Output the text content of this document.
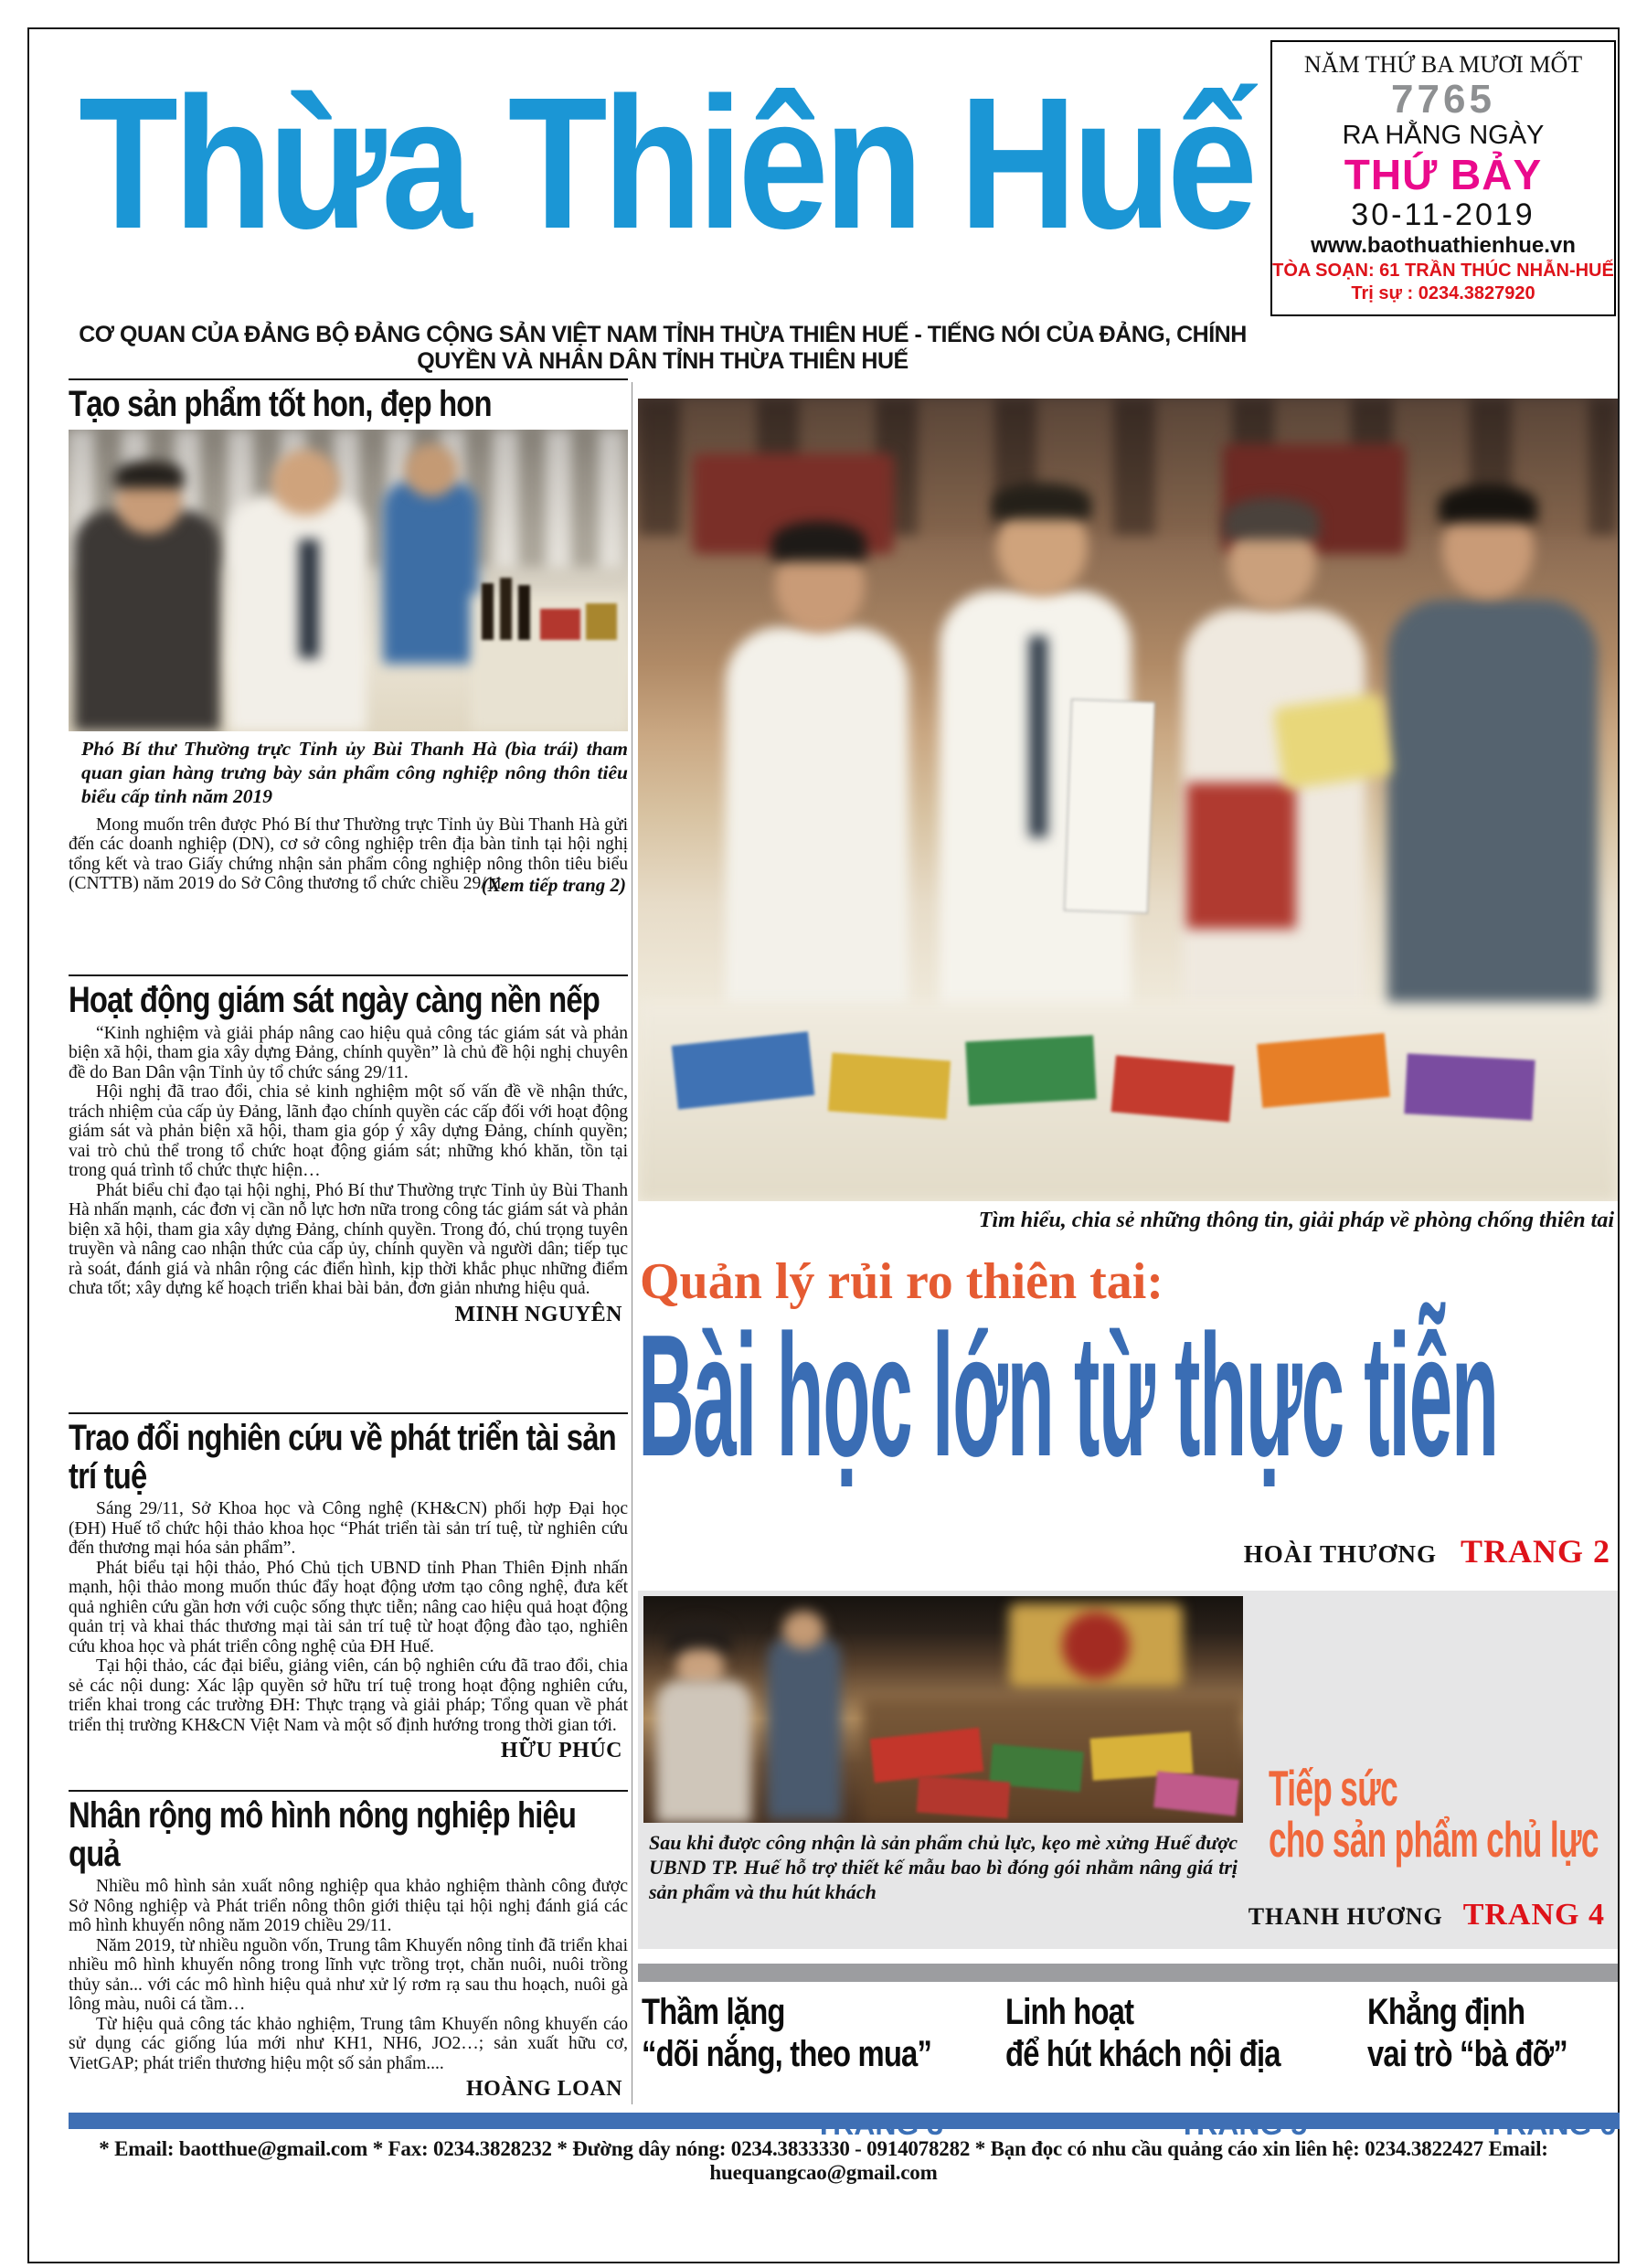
Thừa Thiên Huế	NĂM THỨ BA MƯƠI MỐT
7765
RA HẰNG NGÀY
THỨ BẢY
30-11-2019
www.baothuathienhue.vn
TÒA SOẠN: 61 TRẦN THÚC NHẪN-HUẾ
Trị sự : 0234.3827920
CƠ QUAN CỦA ĐẢNG BỘ ĐẢNG CỘNG SẢN VIỆT NAM TỈNH THỪA THIÊN HUẾ - TIẾNG NÓI CỦA ĐẢNG, CHÍNH QUYỀN VÀ NHÂN DÂN TỈNH THỪA THIÊN HUẾ
Tạo sản phẩm tốt hon, đẹp hon
Phó Bí thư Thường trực Tỉnh ủy Bùi Thanh Hà (bìa trái) tham quan gian hàng trưng bày sản phẩm công nghiệp nông thôn tiêu biểu cấp tỉnh năm 2019

Mong muốn trên được Phó Bí thư Thường trực Tỉnh ủy Bùi Thanh Hà gửi đến các doanh nghiệp (DN), cơ sở công nghiệp trên địa bàn tỉnh tại hội nghị tổng kết và trao Giấy chứng nhận sản phẩm công nghiệp nông thôn tiêu biểu (CNTTB) năm 2019 do Sở Công thương tổ chức chiều 29/11.

(Xem tiếp trang 2)
Hoạt động giám sát ngày càng nền nếp

“Kinh nghiệm và giải pháp nâng cao hiệu quả công tác giám sát và phản biện xã hội, tham gia xây dựng Đảng, chính quyền” là chủ đề hội nghị chuyên đề do Ban Dân vận Tỉnh ủy tổ chức sáng 29/11.

Hội nghị đã trao đổi, chia sẻ kinh nghiệm một số vấn đề về nhận thức, trách nhiệm của cấp ủy Đảng, lãnh đạo chính quyền các cấp đối với hoạt động giám sát và phản biện xã hội, tham gia góp ý xây dựng Đảng, chính quyền; vai trò chủ thể trong tổ chức hoạt động giám sát; những khó khăn, tồn tại trong quá trình tổ chức thực hiện…

Phát biểu chỉ đạo tại hội nghị, Phó Bí thư Thường trực Tỉnh ủy Bùi Thanh Hà nhấn mạnh, các đơn vị cần nỗ lực hơn nữa trong công tác giám sát và phản biện xã hội, tham gia xây dựng Đảng, chính quyền. Trong đó, chú trọng tuyên truyền và nâng cao nhận thức của cấp ủy, chính quyền và người dân; tiếp tục rà soát, đánh giá và nhân rộng các điển hình, kịp thời khắc phục những điểm chưa tốt; xây dựng kế hoạch triển khai bài bản, đơn giản nhưng hiệu quả.

MINH NGUYÊN
Trao đổi nghiên cứu về phát triển tài sản trí tuệ

Sáng 29/11, Sở Khoa học và Công nghệ (KH&CN) phối hợp Đại học (ĐH) Huế tổ chức hội thảo khoa học “Phát triển tài sản trí tuệ, từ nghiên cứu đến thương mại hóa sản phẩm”.

Phát biểu tại hội thảo, Phó Chủ tịch UBND tỉnh Phan Thiên Định nhấn mạnh, hội thảo mong muốn thúc đẩy hoạt động ươm tạo công nghệ, đưa kết quả nghiên cứu gần hơn với cuộc sống thực tiễn; nâng cao hiệu quả hoạt động quản trị và khai thác thương mại tài sản trí tuệ từ hoạt động đào tạo, nghiên cứu khoa học và phát triển công nghệ của ĐH Huế.

Tại hội thảo, các đại biểu, giảng viên, cán bộ nghiên cứu đã trao đổi, chia sẻ các nội dung: Xác lập quyền sở hữu trí tuệ trong hoạt động nghiên cứu, triển khai trong các trường ĐH: Thực trạng và giải pháp; Tổng quan về phát triển thị trường KH&CN Việt Nam và một số định hướng trong thời gian tới.

HỮU PHÚC
Nhân rộng mô hình nông nghiệp hiệu quả

Nhiều mô hình sản xuất nông nghiệp qua khảo nghiệm thành công được Sở Nông nghiệp và Phát triển nông thôn giới thiệu tại hội nghị đánh giá các mô hình khuyến nông năm 2019 chiều 29/11.

Năm 2019, từ nhiều nguồn vốn, Trung tâm Khuyến nông tỉnh đã triển khai nhiều mô hình khuyến nông trong lĩnh vực trồng trọt, chăn nuôi, nuôi trồng thủy sản... với các mô hình hiệu quả như xử lý rơm rạ sau thu hoạch, nuôi gà lông màu, nuôi cá tầm…

Từ hiệu quả công tác khảo nghiệm, Trung tâm Khuyến nông khuyến cáo sử dụng các giống lúa mới như KH1, NH6, JO2…; sản xuất hữu cơ, VietGAP; phát triển thương hiệu một số sản phẩm....

HOÀNG LOAN
Tìm hiểu, chia sẻ những thông tin, giải pháp về phòng chống thiên tai
Quản lý rủi ro thiên tai:
Bài học lớn từ thực tiễn
HOÀI THƯƠNG TRANG 2
Sau khi được công nhận là sản phẩm chủ lực, kẹo mè xửng Huế được UBND TP. Huế hỗ trợ thiết kế mẫu bao bì đóng gói nhằm nâng giá trị sản phẩm và thu hút khách
Tiếp sức
cho sản phẩm chủ lực
THANH HƯƠNG TRANG 4
Thầm lặng
“dõi nắng, theo mua”
Linh hoạt
để hút khách nội địa
Khẳng định
vai trò “bà đỡ”
* Email: baotthue@gmail.com * Fax: 0234.3828232 * Đường dây nóng: 0234.3833330 - 0914078282 * Bạn đọc có nhu cầu quảng cáo xin liên hệ: 0234.3822427 Email: huequangcao@gmail.com
